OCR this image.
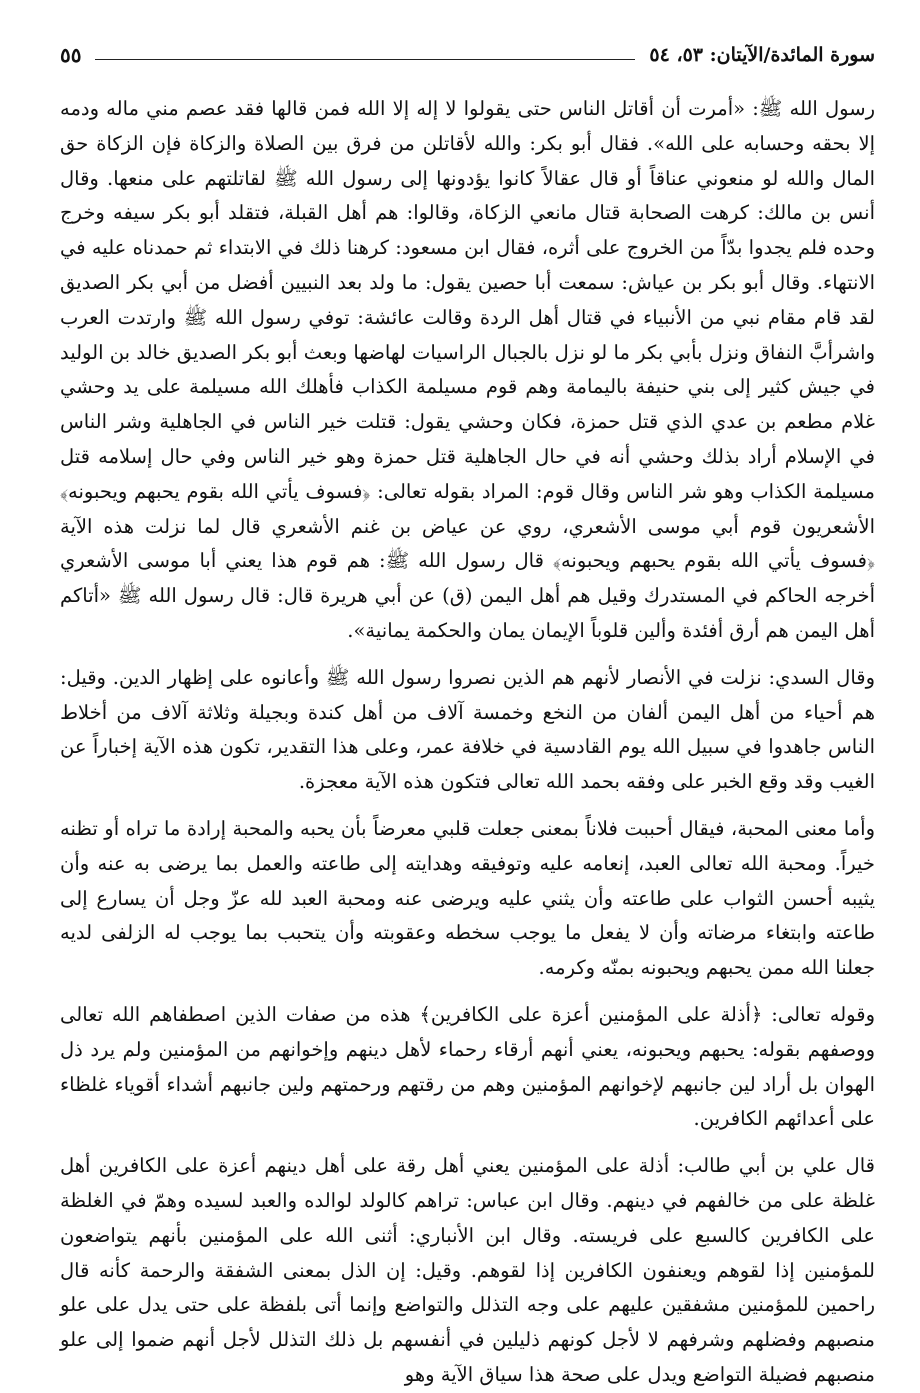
سورة المائدة/الآيتان: ٥٣، ٥٤
٥٥

رسول الله ﷺ: «أمرت أن أقاتل الناس حتى يقولوا لا إله إلا الله فمن قالها فقد عصم مني ماله ودمه إلا بحقه وحسابه على الله». فقال أبو بكر: والله لأقاتلن من فرق بين الصلاة والزكاة فإن الزكاة حق المال والله لو منعوني عناقاً أو قال عقالاً كانوا يؤدونها إلى رسول الله ﷺ لقاتلتهم على منعها. وقال أنس بن مالك: كرهت الصحابة قتال مانعي الزكاة، وقالوا: هم أهل القبلة، فتقلد أبو بكر سيفه وخرج وحده فلم يجدوا بدّاً من الخروج على أثره، فقال ابن مسعود: كرهنا ذلك في الابتداء ثم حمدناه عليه في الانتهاء. وقال أبو بكر بن عياش: سمعت أبا حصين يقول: ما ولد بعد النبيين أفضل من أبي بكر الصديق لقد قام مقام نبي من الأنبياء في قتال أهل الردة وقالت عائشة: توفي رسول الله ﷺ وارتدت العرب واشرأبَّ النفاق ونزل بأبي بكر ما لو نزل بالجبال الراسيات لهاضها وبعث أبو بكر الصديق خالد بن الوليد في جيش كثير إلى بني حنيفة باليمامة وهم قوم مسيلمة الكذاب فأهلك الله مسيلمة على يد وحشي غلام مطعم بن عدي الذي قتل حمزة، فكان وحشي يقول: قتلت خير الناس في الجاهلية وشر الناس في الإسلام أراد بذلك وحشي أنه في حال الجاهلية قتل حمزة وهو خير الناس وفي حال إسلامه قتل مسيلمة الكذاب وهو شر الناس وقال قوم: المراد بقوله تعالى: ﴿فسوف يأتي الله بقوم يحبهم ويحبونه﴾ الأشعريون قوم أبي موسى الأشعري، روي عن عياض بن غنم الأشعري قال لما نزلت هذه الآية ﴿فسوف يأتي الله بقوم يحبهم ويحبونه﴾ قال رسول الله ﷺ: هم قوم هذا يعني أبا موسى الأشعري أخرجه الحاكم في المستدرك وقيل هم أهل اليمن (ق) عن أبي هريرة قال: قال رسول الله ﷺ «أتاكم أهل اليمن هم أرق أفئدة وألين قلوباً الإيمان يمان والحكمة يمانية».

وقال السدي: نزلت في الأنصار لأنهم هم الذين نصروا رسول الله ﷺ وأعانوه على إظهار الدين. وقيل: هم أحياء من أهل اليمن ألفان من النخع وخمسة آلاف من أهل كندة وبجيلة وثلاثة آلاف من أخلاط الناس جاهدوا في سبيل الله يوم القادسية في خلافة عمر، وعلى هذا التقدير، تكون هذه الآية إخباراً عن الغيب وقد وقع الخبر على وفقه بحمد الله تعالى فتكون هذه الآية معجزة.

وأما معنى المحبة، فيقال أحببت فلاناً بمعنى جعلت قلبي معرضاً بأن يحبه والمحبة إرادة ما تراه أو تظنه خيراً. ومحبة الله تعالى العبد، إنعامه عليه وتوفيقه وهدايته إلى طاعته والعمل بما يرضى به عنه وأن يثيبه أحسن الثواب على طاعته وأن يثني عليه ويرضى عنه ومحبة العبد لله عزّ وجل أن يسارع إلى طاعته وابتغاء مرضاته وأن لا يفعل ما يوجب سخطه وعقوبته وأن يتحبب بما يوجب له الزلفى لديه جعلنا الله ممن يحبهم ويحبونه بمنّه وكرمه.

وقوله تعالى: ﴿أذلة على المؤمنين أعزة على الكافرين﴾ هذه من صفات الذين اصطفاهم الله تعالى ووصفهم بقوله: يحبهم ويحبونه، يعني أنهم أرقاء رحماء لأهل دينهم وإخوانهم من المؤمنين ولم يرد ذل الهوان بل أراد لين جانبهم لإخوانهم المؤمنين وهم من رقتهم ورحمتهم ولين جانبهم أشداء أقوياء غلظاء على أعدائهم الكافرين.

قال علي بن أبي طالب: أذلة على المؤمنين يعني أهل رقة على أهل دينهم أعزة على الكافرين أهل غلظة على من خالفهم في دينهم. وقال ابن عباس: تراهم كالولد لوالده والعبد لسيده وهمّ في الغلظة على الكافرين كالسبع على فريسته. وقال ابن الأنباري: أثنى الله على المؤمنين بأنهم يتواضعون للمؤمنين إذا لقوهم ويعنفون الكافرين إذا لقوهم. وقيل: إن الذل بمعنى الشفقة والرحمة كأنه قال راحمين للمؤمنين مشفقين عليهم على وجه التذلل والتواضع وإنما أتى بلفظة على حتى يدل على علو منصبهم وفضلهم وشرفهم لا لأجل كونهم ذليلين في أنفسهم بل ذلك التذلل لأجل أنهم ضموا إلى علو منصبهم فضيلة التواضع ويدل على صحة هذا سياق الآية وهو
